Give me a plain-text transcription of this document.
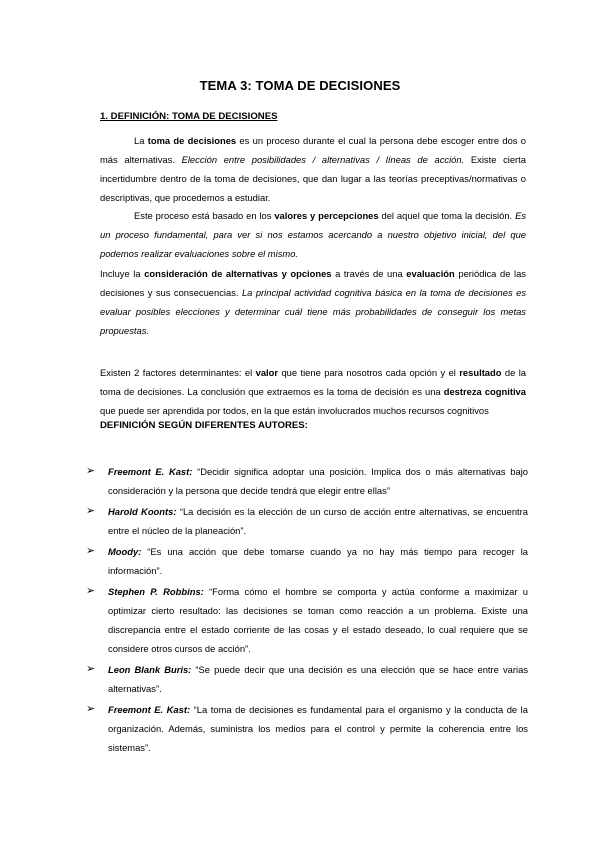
TEMA 3: TOMA DE DECISIONES
1. DEFINICIÓN: TOMA DE DECISIONES
La toma de decisiones es un proceso durante el cual la persona debe escoger entre dos o más alternativas. Elección entre posibilidades / alternativas / líneas de acción. Existe cierta incertidumbre dentro de la toma de decisiones, que dan lugar a las teorías preceptivas/normativas o descriptivas, que procedemos a estudiar.
Este proceso está basado en los valores y percepciones del aquel que toma la decisión. Es un proceso fundamental, para ver si nos estamos acercando a nuestro objetivo inicial, del que podemos realizar evaluaciones sobre el mismo.
Incluye la consideración de alternativas y opciones a través de una evaluación periódica de las decisiones y sus consecuencias. La principal actividad cognitiva básica en la toma de decisiones es evaluar posibles elecciones y determinar cuál tiene más probabilidades de conseguir los metas propuestas.
Existen 2 factores determinantes: el valor que tiene para nosotros cada opción y el resultado de la toma de decisiones. La conclusión que extraemos es la toma de decisión es una destreza cognitiva que puede ser aprendida por todos, en la que están involucrados muchos recursos cognitivos
DEFINICIÓN SEGÚN DIFERENTES AUTORES:
➢ Freemont E. Kast: “Decidir significa adoptar una posición. Implica dos o más alternativas bajo consideración y la persona que decide tendrá que elegir entre ellas”
➢ Harold Koonts: “La decisión es la elección de un curso de acción entre alternativas, se encuentra entre el núcleo de la planeación”.
➢ Moody: “Es una acción que debe tomarse cuando ya no hay más tiempo para recoger la información”.
➢ Stephen P. Robbins: “Forma cómo el hombre se comporta y actúa conforme a maximizar u optimizar cierto resultado: las decisiones se toman como reacción a un problema. Existe una discrepancia entre el estado corriente de las cosas y el estado deseado, lo cual requiere que se considere otros cursos de acción”.
➢ Leon Blank Buris: “Se puede decir que una decisión es una elección que se hace entre varias alternativas”.
➢ Freemont E. Kast: “La toma de decisiones es fundamental para el organismo y la conducta de la organización. Además, suministra los medios para el control y permite la coherencia entre los sistemas”.
